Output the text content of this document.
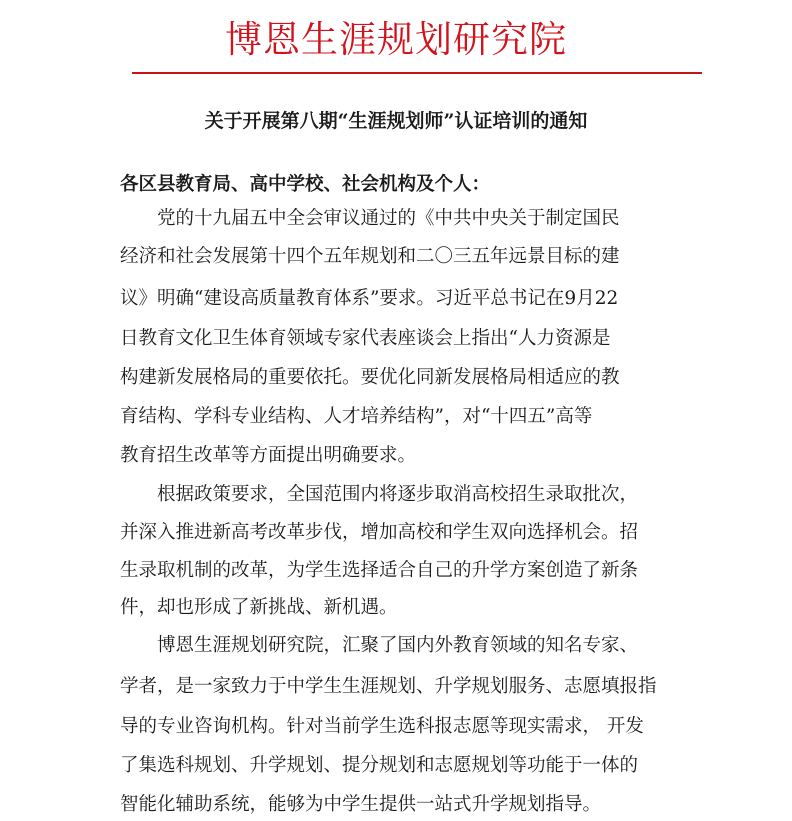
博恩生涯规划研究院
关于开展第八期“生涯规划师”认证培训的通知
各区县教育局、高中学校、社会机构及个人：
党的十九届五中全会审议通过的《中共中央关于制定国民
经济和社会发展第十四个五年规划和二〇三五年远景目标的建
议》明确“建设高质量教育体系”要求。习近平总书记在9月22
日教育文化卫生体育领域专家代表座谈会上指出“人力资源是
构建新发展格局的重要依托。要优化同新发展格局相适应的教
育结构、学科专业结构、人才培养结构”，对“十四五”高等
教育招生改革等方面提出明确要求。
根据政策要求，全国范围内将逐步取消高校招生录取批次，
并深入推进新高考改革步伐，增加高校和学生双向选择机会。招
生录取机制的改革，为学生选择适合自己的升学方案创造了新条
件，却也形成了新挑战、新机遇。
博恩生涯规划研究院，汇聚了国内外教育领域的知名专家、
学者，是一家致力于中学生生涯规划、升学规划服务、志愿填报指
导的专业咨询机构。针对当前学生选科报志愿等现实需求， 开发
了集选科规划、升学规划、提分规划和志愿规划等功能于一体的
智能化辅助系统，能够为中学生提供一站式升学规划指导。
